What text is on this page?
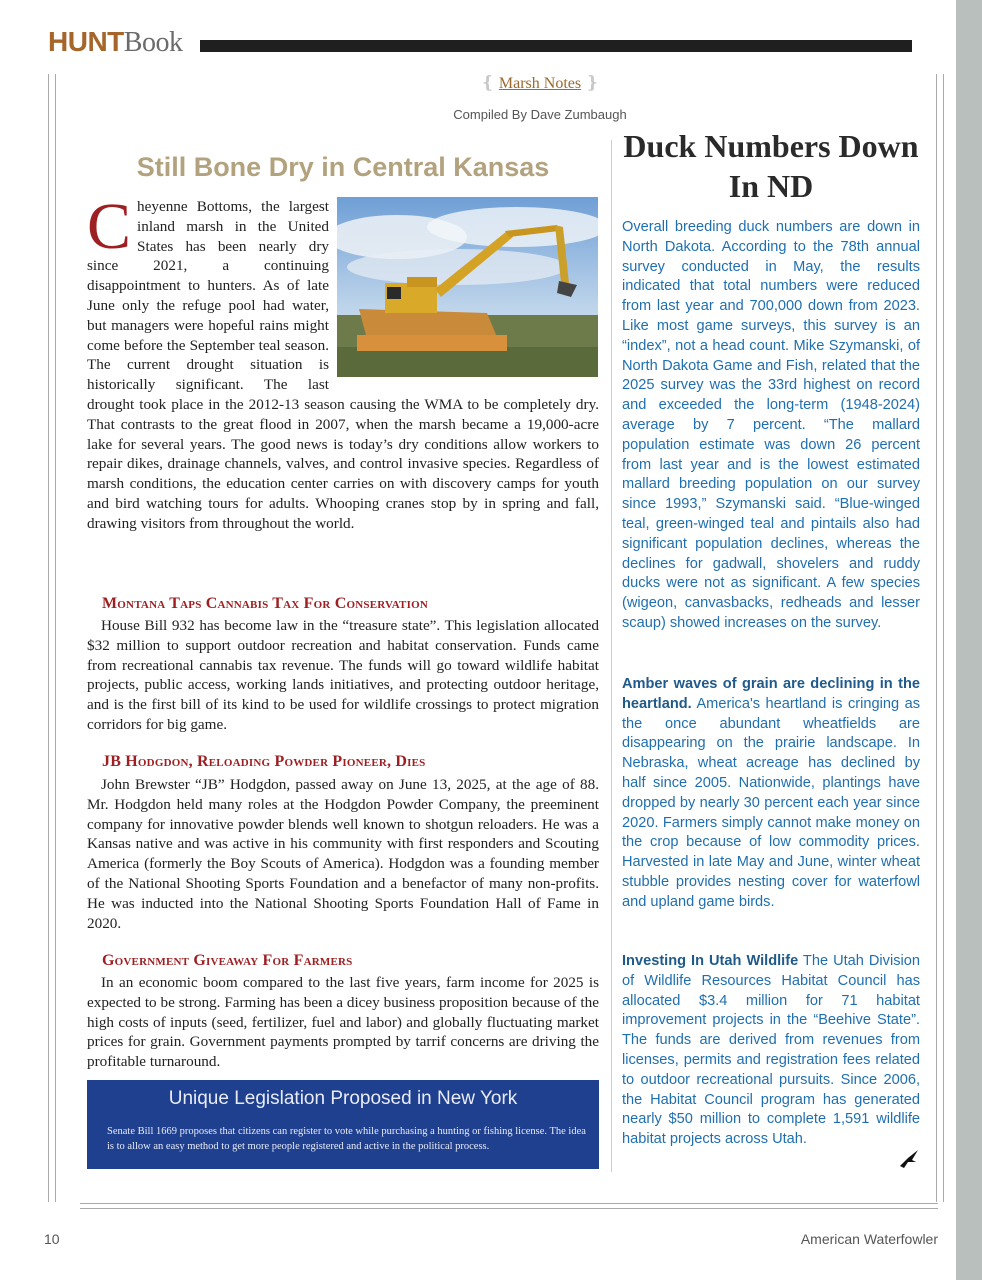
HUNTBook
❴ Marsh Notes ❵
Compiled By Dave Zumbaugh
Still Bone Dry in Central Kansas
C heyenne Bottoms, the largest inland marsh in the United States has been nearly dry since 2021, a continuing disappointment to hunters. As of late June only the refuge pool had water, but managers were hopeful rains might come before the September teal season. The current drought situation is historically significant. The last drought took place in the 2012-13 season causing the WMA to be completely dry. That contrasts to the great flood in 2007, when the marsh became a 19,000-acre lake for several years. The good news is today’s dry conditions allow workers to repair dikes, drainage channels, valves, and control invasive species. Regardless of marsh conditions, the education center carries on with discovery camps for youth and bird watching tours for adults. Whooping cranes stop by in spring and fall, drawing visitors from throughout the world.
Montana Taps Cannabis Tax For Conservation

House Bill 932 has become law in the “treasure state”. This legislation allocated $32 million to support outdoor recreation and habitat conservation. Funds came from recreational cannabis tax revenue. The funds will go toward wildlife habitat projects, public access, working lands initiatives, and protecting outdoor heritage, and is the first bill of its kind to be used for wildlife crossings to protect migration corridors for big game.

JB Hodgdon, Reloading Powder Pioneer, Dies

John Brewster “JB” Hodgdon, passed away on June 13, 2025, at the age of 88. Mr. Hodgdon held many roles at the Hodgdon Powder Company, the preeminent company for innovative powder blends well known to shotgun reloaders. He was a Kansas native and was active in his community with first responders and Scouting America (formerly the Boy Scouts of America). Hodgdon was a founding member of the National Shooting Sports Foundation and a benefactor of many non-profits. He was inducted into the National Shooting Sports Foundation Hall of Fame in 2020.

Government Giveaway For Farmers

In an economic boom compared to the last five years, farm income for 2025 is expected to be strong. Farming has been a dicey business proposition because of the high costs of inputs (seed, fertilizer, fuel and labor) and globally fluctuating market prices for grain. Government payments prompted by tarrif concerns are driving the profitable turnaround.

Unique Legislation Proposed in New York
Senate Bill 1669 proposes that citizens can register to vote while purchasing a hunting or fishing license. The idea is to allow an easy method to get more people registered and active in the political process.
Duck Numbers Down In ND

Overall breeding duck numbers are down in North Dakota. According to the 78th annual survey conducted in May, the results indicated that total numbers were reduced from last year and 700,000 down from 2023. Like most game surveys, this survey is an “index”, not a head count. Mike Szymanski, of North Dakota Game and Fish, related that the 2025 survey was the 33rd highest on record and exceeded the long-term (1948-2024) average by 7 percent. “The mallard population estimate was down 26 percent from last year and is the lowest estimated mallard breeding population on our survey since 1993,” Szymanski said. “Blue-winged teal, green-winged teal and pintails also had significant population declines, whereas the declines for gadwall, shovelers and ruddy ducks were not as significant. A few species (wigeon, canvasbacks, redheads and lesser scaup) showed increases on the survey.

Amber waves of grain are declining in the heartland. America's heartland is cringing as the once abundant wheatfields are disappearing on the prairie landscape. In Nebraska, wheat acreage has declined by half since 2005. Nationwide, plantings have dropped by nearly 30 percent each year since 2020. Farmers simply cannot make money on the crop because of low commodity prices. Harvested in late May and June, winter wheat stubble provides nesting cover for waterfowl and upland game birds.

Investing In Utah Wildlife The Utah Division of Wildlife Resources Habitat Council has allocated $3.4 million for 71 habitat improvement projects in the “Beehive State”. The funds are derived from revenues from licenses, permits and registration fees related to outdoor recreational pursuits. Since 2006, the Habitat Council program has generated nearly $50 million to complete 1,591 wildlife habitat projects across Utah.

10	American Waterfowler
